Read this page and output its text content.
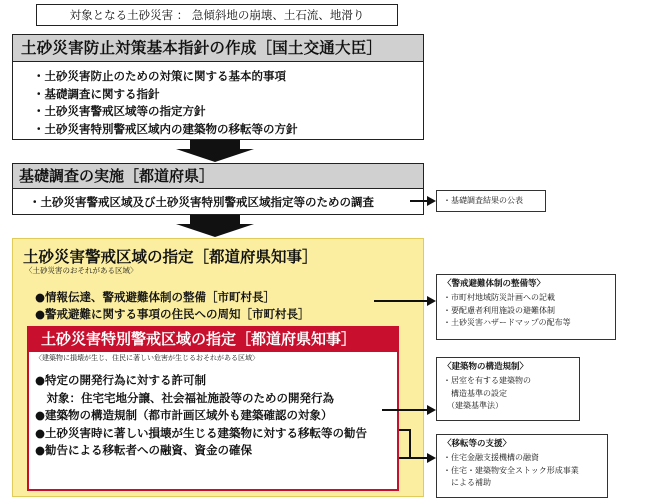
対象となる土砂災害 ： 急傾斜地の崩壊、土石流、地滑り
土砂災害防止対策基本指針の作成［国土交通大臣］
・土砂災害防止のための対策に関する基本的事項
・基礎調査に関する指針
・土砂災害警戒区域等の指定方針
・土砂災害特別警戒区域内の建築物の移転等の方針
基礎調査の実施［都道府県］
・土砂災害警戒区域及び土砂災害特別警戒区域指定等のための調査
土砂災害警戒区域の指定［都道府県知事］
〈土砂災害のおそれがある区域〉
●情報伝達、警戒避難体制の整備［市町村長］
●警戒避難に関する事項の住民への周知［市町村長］
土砂災害特別警戒区域の指定［都道府県知事］
〈建築物に損壊が生じ、住民に著しい危害が生じるおそれがある区域〉
●特定の開発行為に対する許可制
　対象：住宅宅地分譲、社会福祉施設等のための開発行為
●建築物の構造規制（都市計画区域外も建築確認の対象）
●土砂災害時に著しい損壊が生じる建築物に対する移転等の勧告
●勧告による移転者への融資、資金の確保
・基礎調査結果の公表
〈警戒避難体制の整備等〉
・市町村地域防災計画への記載
・要配慮者利用施設の避難体制
・土砂災害ハザードマップの配布等
〈建築物の構造規制〉
・居室を有する建築物の
　構造基準の設定
　（建築基準法）
〈移転等の支援〉
・住宅金融支援機構の融資
・住宅・建築物安全ストック形成事業
　による補助
